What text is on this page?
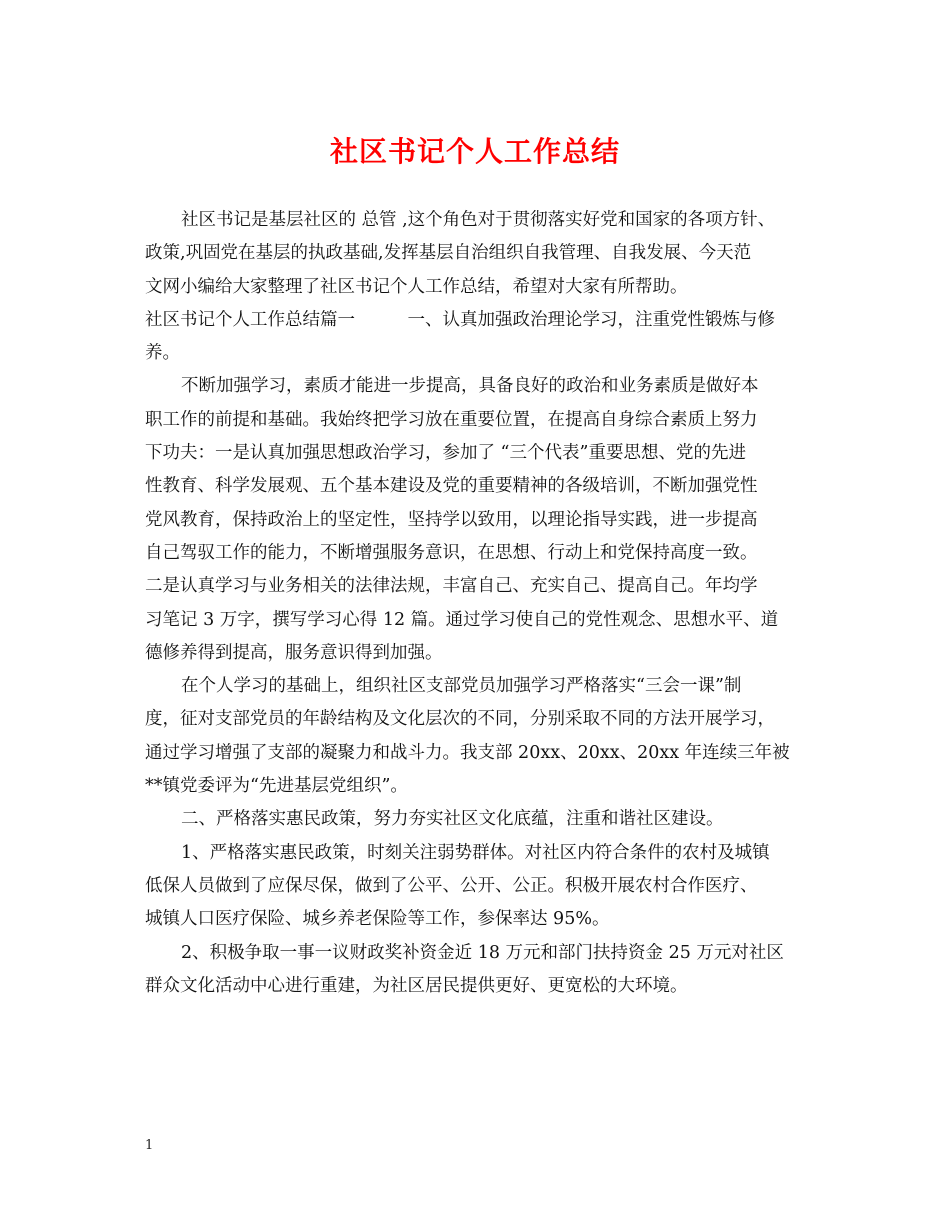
社区书记个人工作总结

社区书记是基层社区的 总管 ,这个角色对于贯彻落实好党和国家的各项方针、

政策,巩固党在基层的执政基础,发挥基层自治组织自我管理、自我发展、今天范

文网小编给大家整理了社区书记个人工作总结，希望对大家有所帮助。

社区书记个人工作总结篇一　　　一、认真加强政治理论学习，注重党性锻炼与修

养。

不断加强学习，素质才能进一步提高，具备良好的政治和业务素质是做好本

职工作的前提和基础。我始终把学习放在重要位置，在提高自身综合素质上努力

下功夫：一是认真加强思想政治学习，参加了 “三个代表”重要思想、党的先进

性教育、科学发展观、五个基本建设及党的重要精神的各级培训，不断加强党性

党风教育，保持政治上的坚定性，坚持学以致用，以理论指导实践，进一步提高

自己驾驭工作的能力，不断增强服务意识，在思想、行动上和党保持高度一致。

二是认真学习与业务相关的法律法规，丰富自己、充实自己、提高自己。年均学

习笔记 3 万字，撰写学习心得 12 篇。通过学习使自己的党性观念、思想水平、道

德修养得到提高，服务意识得到加强。

在个人学习的基础上，组织社区支部党员加强学习严格落实“三会一课”制

度，征对支部党员的年龄结构及文化层次的不同，分别采取不同的方法开展学习，

通过学习增强了支部的凝聚力和战斗力。我支部 20xx、20xx、20xx 年连续三年被

**镇党委评为“先进基层党组织”。

二、严格落实惠民政策，努力夯实社区文化底蕴，注重和谐社区建设。

1、严格落实惠民政策，时刻关注弱势群体。对社区内符合条件的农村及城镇

低保人员做到了应保尽保，做到了公平、公开、公正。积极开展农村合作医疗、

城镇人口医疗保险、城乡养老保险等工作，参保率达 95%。

2、积极争取一事一议财政奖补资金近 18 万元和部门扶持资金 25 万元对社区

群众文化活动中心进行重建，为社区居民提供更好、更宽松的大环境。

1
